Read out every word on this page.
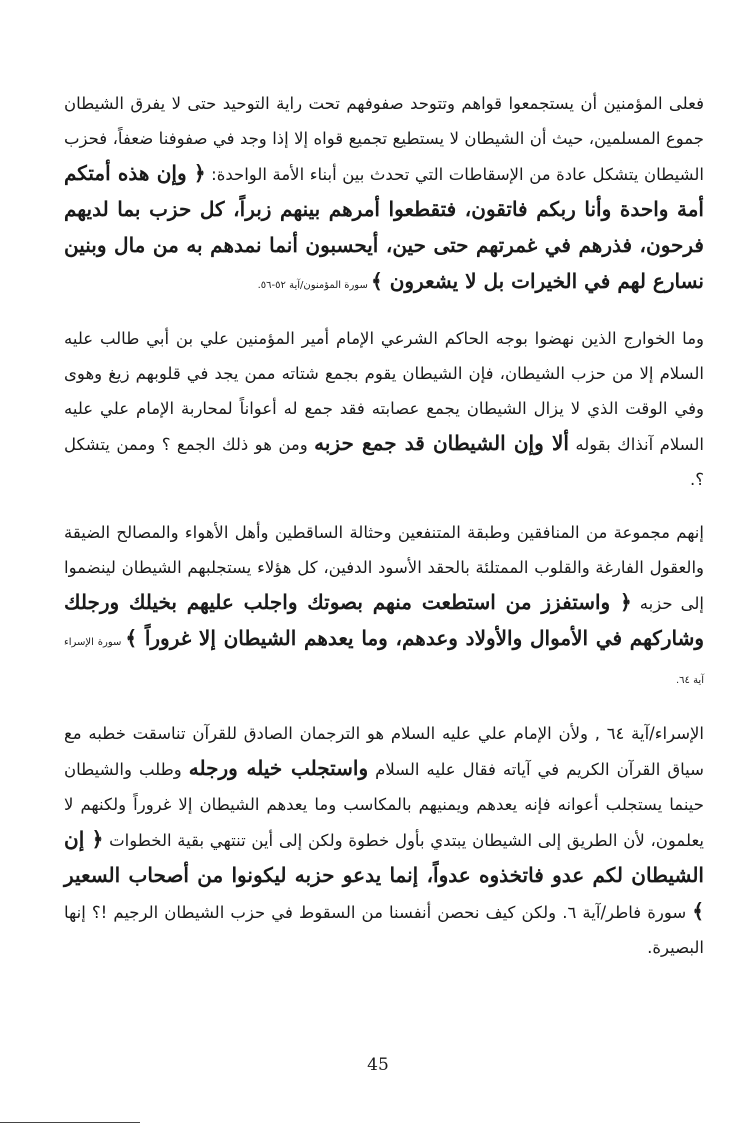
فعلى المؤمنين أن يستجمعوا قواهم وتتوحد صفوفهم تحت راية التوحيد حتى لا يفرق الشيطان جموع المسلمين، حيث أن الشيطان لا يستطيع تجميع قواه إلا إذا وجد في صفوفنا ضعفاً، فحزب الشيطان يتشكل عادة من الإسقاطات التي تحدث بين أبناء الأمة الواحدة: ﴿ وإن هذه أمتكم أمة واحدة وأنا ربكم فاتقون، فتقطعوا أمرهم بينهم زبراً، كل حزب بما لديهم فرحون، فذرهم في غمرتهم حتى حين، أيحسبون أنما نمدهم به من مال وبنين نسارع لهم في الخيرات بل لا يشعرون ﴾ سورة المؤمنون/آية ٥٢-٥٦.

وما الخوارج الذين نهضوا بوجه الحاكم الشرعي الإمام أمير المؤمنين علي بن أبي طالب عليه السلام إلا من حزب الشيطان، فإن الشيطان يقوم بجمع شتاته ممن يجد في قلوبهم زيغ وهوى وفي الوقت الذي لا يزال الشيطان يجمع عصابته فقد جمع له أعواناً لمحاربة الإمام علي عليه السلام آنذاك بقوله ألا وإن الشيطان قد جمع حزبه ومن هو ذلك الجمع ؟ وممن يتشكل ؟.

إنهم مجموعة من المنافقين وطبقة المتنفعين وحثالة الساقطين وأهل الأهواء والمصالح الضيقة والعقول الفارغة والقلوب الممتلئة بالحقد الأسود الدفين، كل هؤلاء يستجلبهم الشيطان لينضموا إلى حزبه ﴿ واستفزز من استطعت منهم بصوتك واجلب عليهم بخيلك ورجلك وشاركهم في الأموال والأولاد وعدهم، وما يعدهم الشيطان إلا غروراً ﴾ سورة الإسراء آية ٦٤.

الإسراء/آية ٦٤ , ولأن الإمام علي عليه السلام هو الترجمان الصادق للقرآن تناسقت خطبه مع سياق القرآن الكريم في آياته فقال عليه السلام واستجلب خيله ورجله وطلب والشيطان حينما يستجلب أعوانه فإنه يعدهم ويمنيهم بالمكاسب وما يعدهم الشيطان إلا غروراً ولكنهم لا يعلمون، لأن الطريق إلى الشيطان يبتدي بأول خطوة ولكن إلى أين تنتهي بقية الخطوات ﴿ إن الشيطان لكم عدو فاتخذوه عدواً، إنما يدعو حزبه ليكونوا من أصحاب السعير ﴾ سورة فاطر/آية ٦. ولكن كيف نحصن أنفسنا من السقوط في حزب الشيطان الرجيم !؟ إنها البصيرة.

45
